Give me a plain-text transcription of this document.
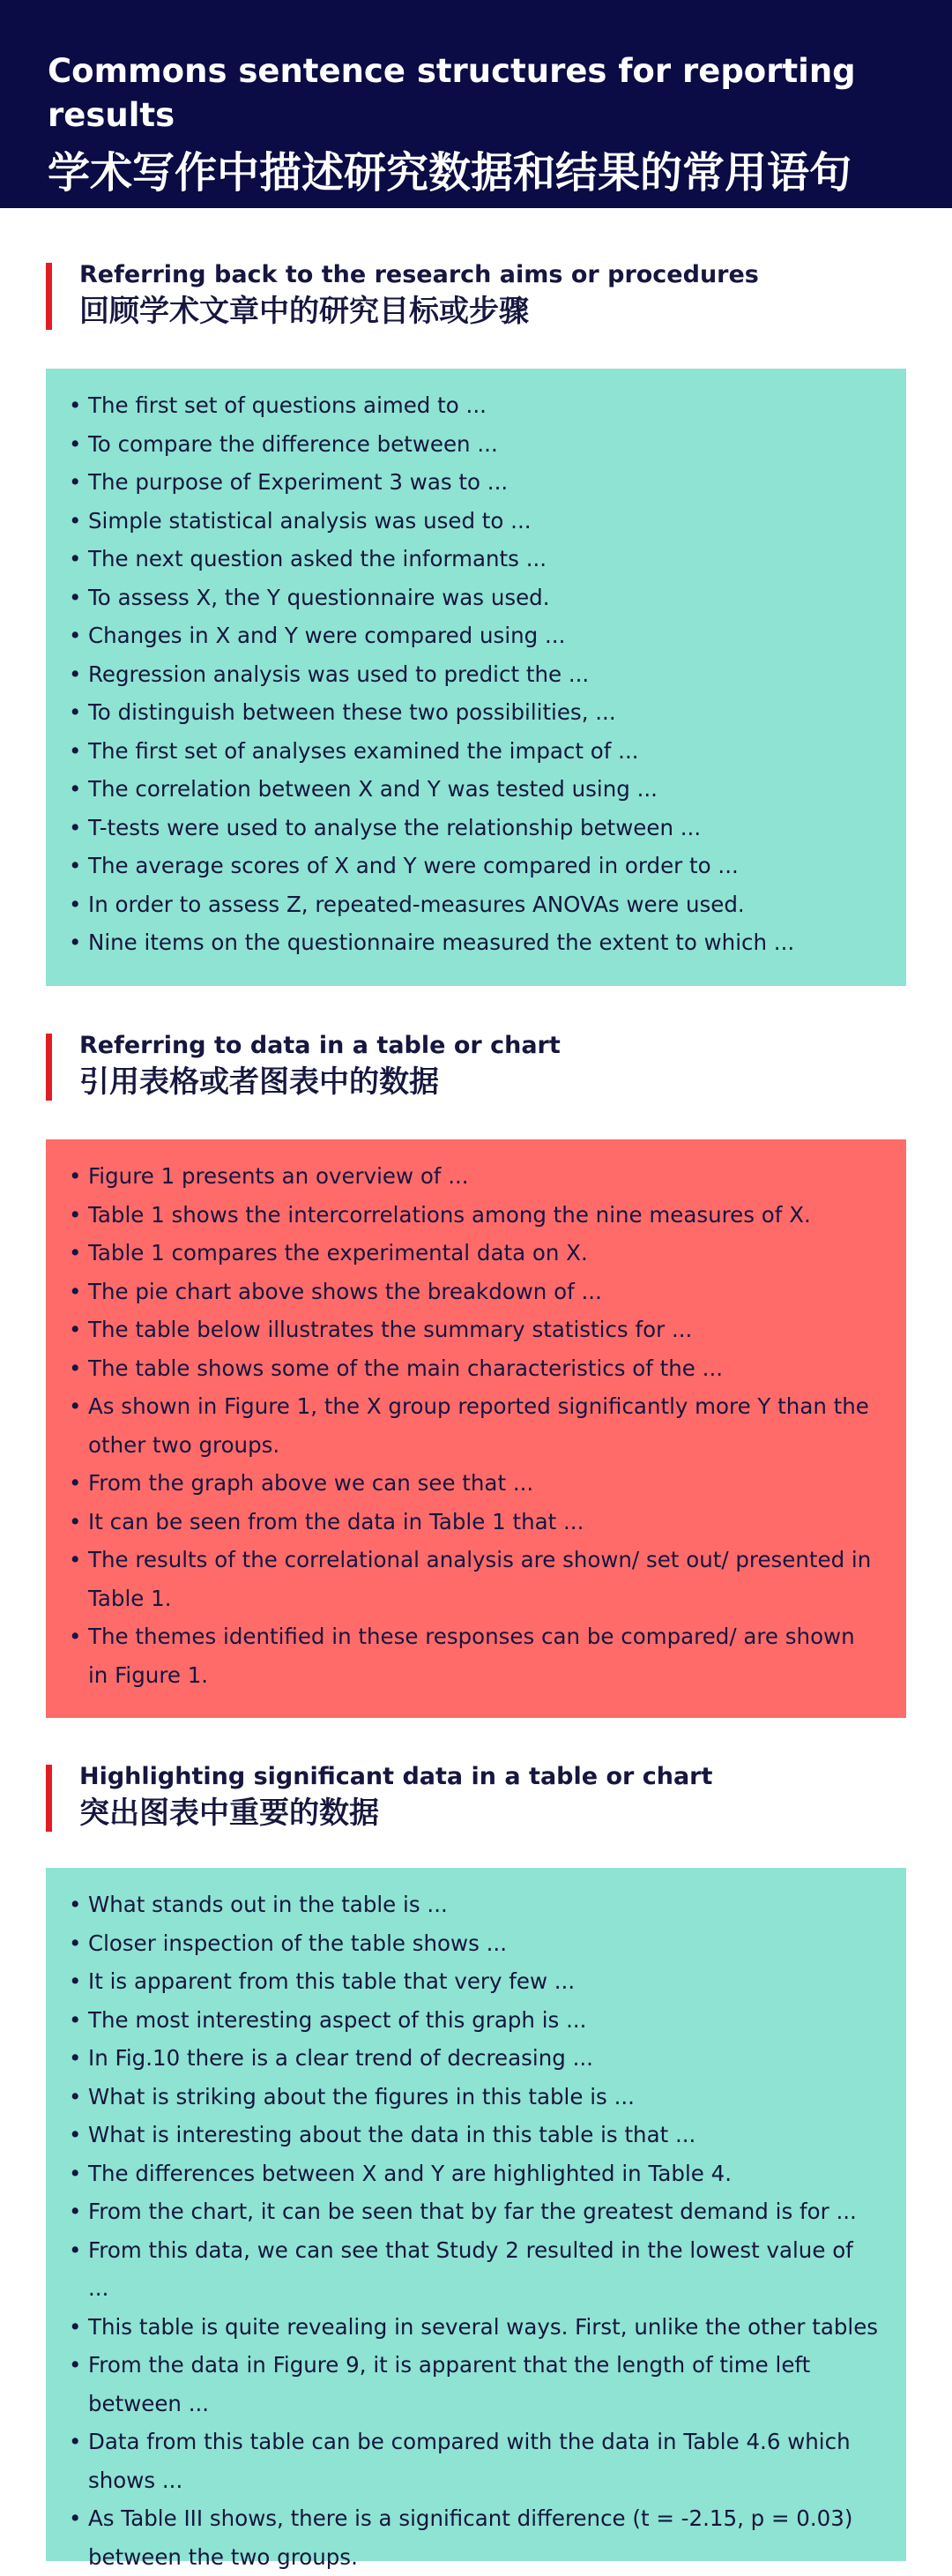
Commons sentence structures for reporting results

学术写作中描述研究数据和结果的常用语句

Referring back to the research aims or procedures

回顾学术文章中的研究目标或步骤

• The first set of questions aimed to ...
• To compare the difference between ...
• The purpose of Experiment 3 was to ...
• Simple statistical analysis was used to ...
• The next question asked the informants ...
• To assess X, the Y questionnaire was used.
• Changes in X and Y were compared using ...
• Regression analysis was used to predict the ...
• To distinguish between these two possibilities, ...
• The first set of analyses examined the impact of ...
• The correlation between X and Y was tested using ...
• T-tests were used to analyse the relationship between ...
• The average scores of X and Y were compared in order to ...
• In order to assess Z, repeated-measures ANOVAs were used.
• Nine items on the questionnaire measured the extent to which ...

Referring to data in a table or chart

引用表格或者图表中的数据

• Figure 1 presents an overview of ...
• Table 1 shows the intercorrelations among the nine measures of X.
• Table 1 compares the experimental data on X.
• The pie chart above shows the breakdown of ...
• The table below illustrates the summary statistics for ...
• The table shows some of the main characteristics of the ...
• As shown in Figure 1, the X group reported significantly more Y than the other two groups.
• From the graph above we can see that ...
• It can be seen from the data in Table 1 that ...
• The results of the correlational analysis are shown/ set out/ presented in Table 1.
• The themes identified in these responses can be compared/ are shown in Figure 1.

Highlighting significant data in a table or chart

突出图表中重要的数据

• What stands out in the table is ...
• Closer inspection of the table shows ...
• It is apparent from this table that very few ...
• The most interesting aspect of this graph is ...
• In Fig.10 there is a clear trend of decreasing ...
• What is striking about the figures in this table is ...
• What is interesting about the data in this table is that ...
• The differences between X and Y are highlighted in Table 4.
• From the chart, it can be seen that by far the greatest demand is for ...
• From this data, we can see that Study 2 resulted in the lowest value of ...
• This table is quite revealing in several ways. First, unlike the other tables
• From the data in Figure 9, it is apparent that the length of time left between ...
• Data from this table can be compared with the data in Table 4.6 which shows ...
• As Table III shows, there is a significant difference (t = -2.15, p = 0.03) between the two groups.
